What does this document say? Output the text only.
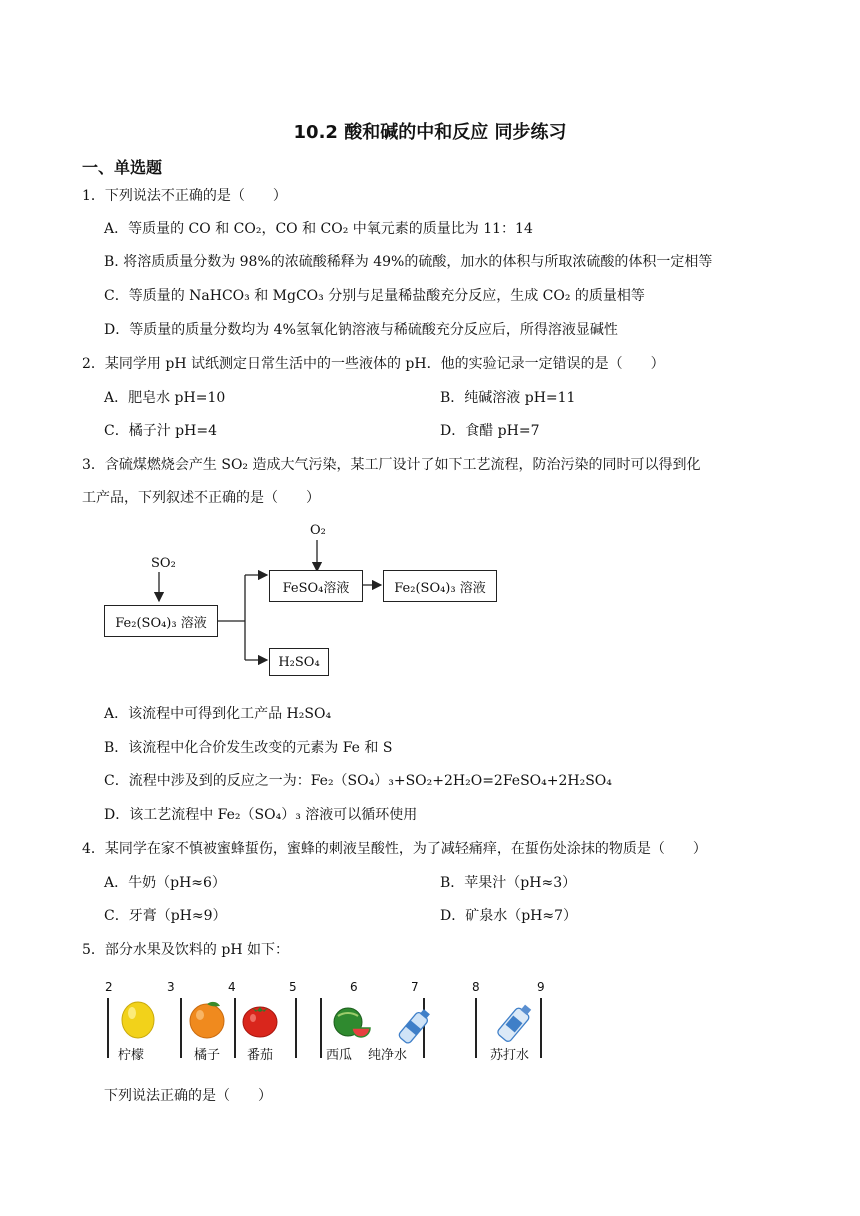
10.2 酸和碱的中和反应 同步练习
一、单选题
1．下列说法不正确的是（　　）
A．等质量的 CO 和 CO₂，CO 和 CO₂ 中氧元素的质量比为 11：14
B. 将溶质质量分数为 98%的浓硫酸稀释为 49%的硫酸，加水的体积与所取浓硫酸的体积一定相等
C．等质量的 NaHCO₃ 和 MgCO₃ 分别与足量稀盐酸充分反应，生成 CO₂ 的质量相等
D．等质量的质量分数均为 4%氢氧化钠溶液与稀硫酸充分反应后，所得溶液显碱性
2．某同学用 pH 试纸测定日常生活中的一些液体的 pH．他的实验记录一定错误的是（　　）
A．肥皂水 pH=10	B．纯碱溶液 pH=11
C．橘子汁 pH=4	D．食醋 pH=7
3．含硫煤燃烧会产生 SO₂ 造成大气污染，某工厂设计了如下工艺流程，防治污染的同时可以得到化
工产品，下列叙述不正确的是（　　）
SO₂
O₂
Fe₂(SO₄)₃ 溶液
FeSO₄溶液	Fe₂(SO₄)₃ 溶液
H₂SO₄
A．该流程中可得到化工产品 H₂SO₄
B．该流程中化合价发生改变的元素为 Fe 和 S
C．流程中涉及到的反应之一为：Fe₂（SO₄）₃+SO₂+2H₂O=2FeSO₄+2H₂SO₄
D．该工艺流程中 Fe₂（SO₄）₃ 溶液可以循环使用
4．某同学在家不慎被蜜蜂蜇伤，蜜蜂的刺液呈酸性，为了减轻痛痒，在蜇伤处涂抹的物质是（　　）
A．牛奶（pH≈6）	B．苹果汁（pH≈3）
C．牙膏（pH≈9）	D．矿泉水（pH≈7）
5．部分水果及饮料的 pH 如下：
2	3	4	5	6	7	8	9
柠檬	橘子 番茄	西瓜 纯净水	苏打水
下列说法正确的是（　　）
